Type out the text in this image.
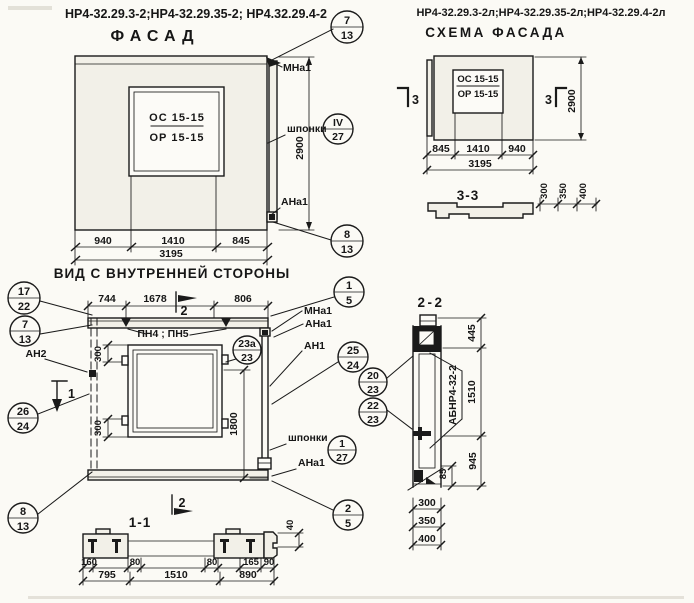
НР4-32.29.3-2;НР4-32.29.35-2; НР4.32.29.4-2
ФАСАД
ОС 15-15
ОР 15-15
940	1410	845
3195
ВИД С ВНУТРЕННЕЙ СТОРОНЫ
2900
МНа1
шпонки
АНа1
7
13
IV
27
8
13
НР4-32.29.3-2л;НР4-32.29.35-2л;НР4-32.29.4-2л
СХЕМА ФАСАДА
ОС 15-15
ОР 15-15
3	3 2900
845 1410 940
3195
3-3	300 350 400
744	1678	806
2
2
1
ПН4 ; ПН5
300
300	1800
МНа1
АНа1
АН1
шпонки
АНа1
АН2
17
22
7
13
26
24
8
13
23а
23
1
5
25
24
1
27
2
5
1-1
160	80	80	165 90
795	1510	890
40
2-2
АБНР4-32-2
445
1510
945
85
300
350
400
20
23
22
23
